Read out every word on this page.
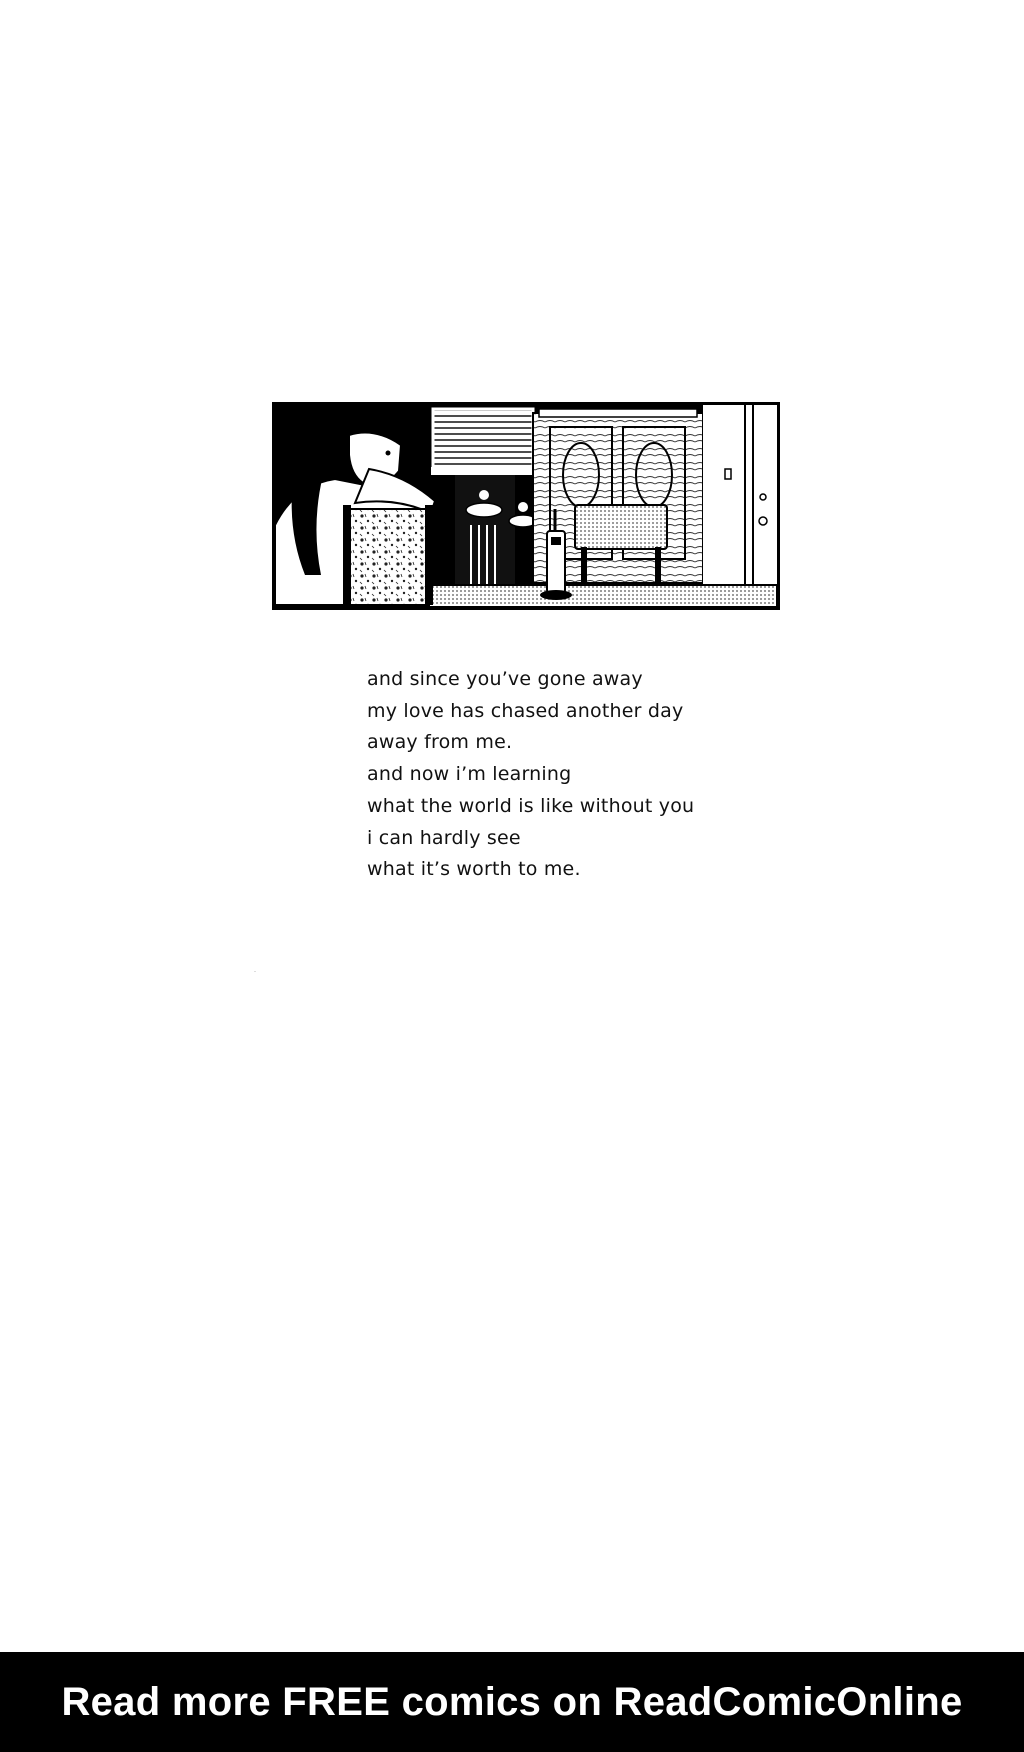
and since you’ve gone away
my love has chased another day
away from me.
and now i’m learning
what the world is like without you
i can hardly see
what it’s worth to me.
Read more FREE comics on ReadComicOnline
